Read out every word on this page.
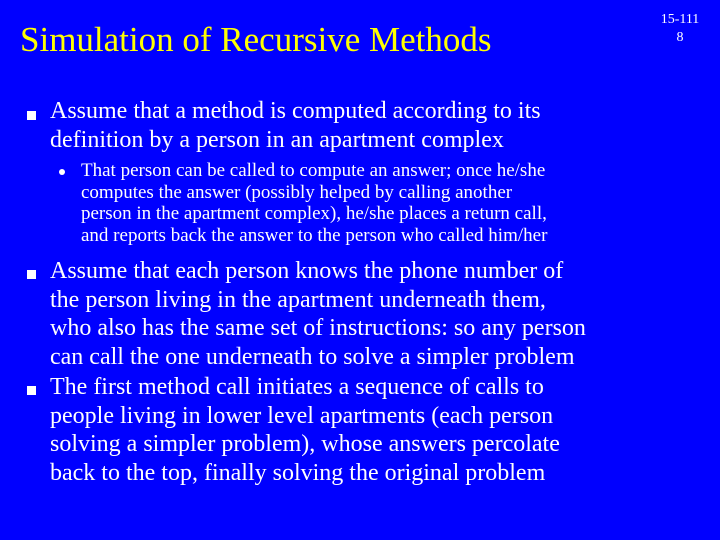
Simulation of Recursive Methods
15-111
8
Assume that a method is computed according to its
definition by a person in an apartment complex
That person can be called to compute an answer; once he/she
computes the answer (possibly helped by calling another
person in the apartment complex), he/she places a return call,
and reports back the answer to the person who called him/her
Assume that each person knows the phone number of
the person living in the apartment underneath them,
who also has the same set of instructions: so any person
can call the one underneath to solve a simpler problem
The first method call initiates a sequence of calls to
people living in lower level apartments (each person
solving a simpler problem), whose answers percolate
back to the top, finally solving the original problem
